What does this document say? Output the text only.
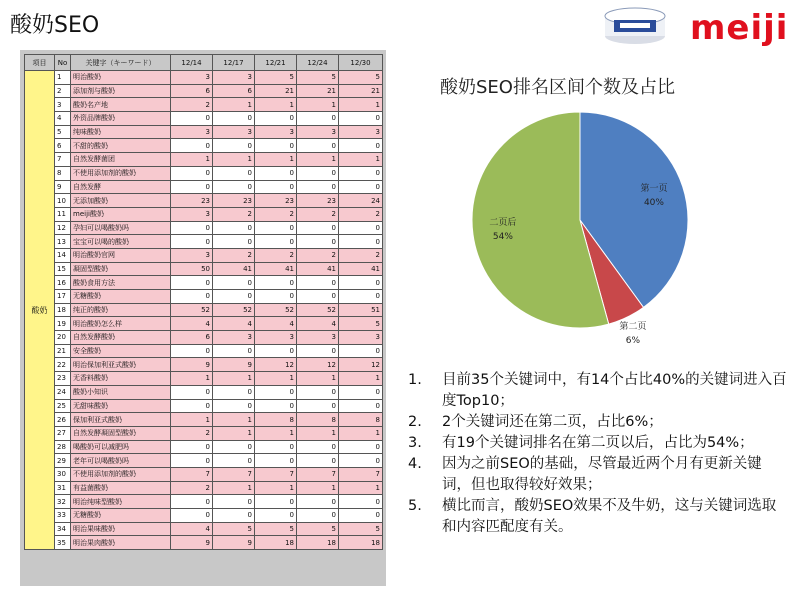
酸奶SEO	meiji
项目	No	关键字（キーワード）	12/14	12/17	12/21	12/24	12/30
酸奶	1	明治酸奶	3	3	5	5	5
	2	添加剂与酸奶	6	6	21	21	21
	3	酸奶名产地	2	1	1	1	1
	4	外资品牌酸奶	0	0	0	0	0
	5	纯味酸奶	3	3	3	3	3
	6	不甜的酸奶	0	0	0	0	0
	7	自然发酵菌团	1	1	1	1	1
	8	不使用添加剂的酸奶	0	0	0	0	0
	9	自然发酵	0	0	0	0	0
	10	无添加酸奶	23	23	23	23	24
	11	meiji酸奶	3	2	2	2	2
	12	孕妇可以喝酸奶吗	0	0	0	0	0
	13	宝宝可以喝的酸奶	0	0	0	0	0
	14	明治酸奶官网	3	2	2	2	2
	15	凝固型酸奶	50	41	41	41	41
	16	酸奶食用方法	0	0	0	0	0
	17	无糖酸奶	0	0	0	0	0
	18	纯正的酸奶	52	52	52	52	51
	19	明治酸奶怎么样	4	4	4	4	5
	20	自然发酵酸奶	6	3	3	3	3
	21	安全酸奶	0	0	0	0	0
	22	明治保加利亚式酸奶	9	9	12	12	12
	23	无香料酸奶	1	1	1	1	1
	24	酸奶小知识	0	0	0	0	0
	25	无甜味酸奶	0	0	0	0	0
	26	保加利亚式酸奶	1	1	8	8	8
	27	自然发酵凝固型酸奶	2	1	1	1	1
	28	喝酸奶可以减肥吗	0	0	0	0	0
	29	老年可以喝酸奶吗	0	0	0	0	0
	30	不使用添加剂的酸奶	7	7	7	7	7
	31	有益菌酸奶	2	1	1	1	1
	32	明治纯味型酸奶	0	0	0	0	0
	33	无糖酸奶	0	0	0	0	0
	34	明治果味酸奶	4	5	5	5	5
	35	明治果肉酸奶	9	9	18	18	18
酸奶SEO排名区间个数及占比
第一页
40%
第二页
6%
二页后
54%
1.	目前35个关键词中，有14个占比40%的关键词进入百度Top10；
2.	2个关键词还在第二页，占比6%；
3.	有19个关键词排名在第二页以后，占比为54%；
4.	因为之前SEO的基础，尽管最近两个月有更新关键词，但也取得较好效果；
5.	横比而言，酸奶SEO效果不及牛奶，这与关键词选取和内容匹配度有关。
